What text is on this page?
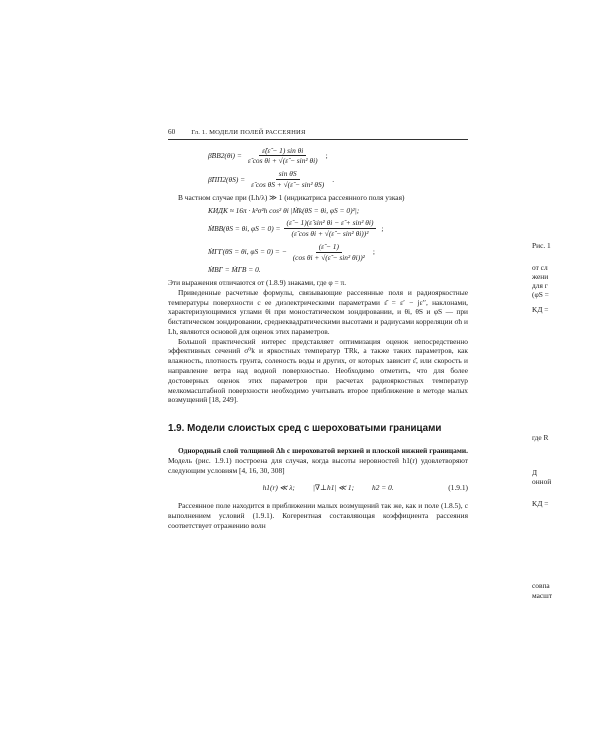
60 Гл. 1. МОДЕЛИ ПОЛЕЙ РАССЕЯНИЯ
β̂ВВ2(θi) = $\frac{\text{ε̂(ε̂ − 1) sin θi}}{\text{ε̂ cos θi + √(ε̂ − sin² θi)}}$ ;
β̂ПП2(θS) = $\frac{\text{sin θS}}{\text{ε̂ cos θS + √(ε̂ − sin² θS)}}$ .

В частном случае при (Lh/λ) ≫ 1 (индикатриса рассеянного поля узкая)

KИДК ≈ 16π · k²σ²h cos² θi |Ṁk(θS = θi, φS = 0)²|;
ṀВВ(θS = θi, $\varphi S = 0) = \frac{\text{(ε̂ − 1)(ε̂ sin² θi − ε̂ + sin² θi)}}{\text{(ε̂ cos θi + √(ε̂ − sin² θi))²}}$ ;
ṀГГ(θS = θi, φS = 0) = − $\frac{(\varepsilon̂ - 1)}{\text{(cos θi + √(ε̂ − sin² θi))²}}$ ;
ṀВГ = ṀГВ = 0.

Эти выражения отличаются от (1.8.9) знаками, где φ = π.

Приведенные расчетные формулы, связывающие рассеянные поля и радиояркостные температуры поверхности с ее диэлектрическими параметрами ε̂ = ε′ − jε′′, наклонами, характеризующимися углами θi при моностатическом зондировании, и θi, θS и φS — при бистатическом зондировании, среднеквадратическими высотами и радиусами корреляции σh и Lh, являются основой для оценок этих параметров.

Большой практический интерес представляет оптимизация оценок непосредственно эффективных сечений σ⁰k и яркостных температур TRk, а также таких параметров, как влажность, плотность грунта, соленость воды и других, от которых зависит ε̂, или скорость и направление ветра над водной поверхностью. Необходимо отметить, что для более достоверных оценок этих параметров при расчетах радиояркостных температур мелкомасштабной поверхности необходимо учитывать второе приближение в методе малых возмущений [18, 249].

1.9. Модели слоистых сред с шероховатыми границами

Однородный слой толщиной Δh с шероховатой верхней и плоской нижней границами. Модель (рис. 1.9.1) построена для случая, когда высоты неровностей h1(r) удовлетворяют следующим условиям [4, 16, 30, 308]

h1(r) ≪ λ; |∇⊥h1| ≪ 1; h2 = 0.	(1.9.1)

Рассеянное поле находится в приближении малых возмущений так же, как и поле (1.8.5), с выполнением условий (1.9.1). Когерентная составляющая коэффициента рассеяния соответствует отражению волн

Рис. 1
от сл
жени
для г
(φS =
KД =
где R
Д
онной
KД =
совпа
масшт
